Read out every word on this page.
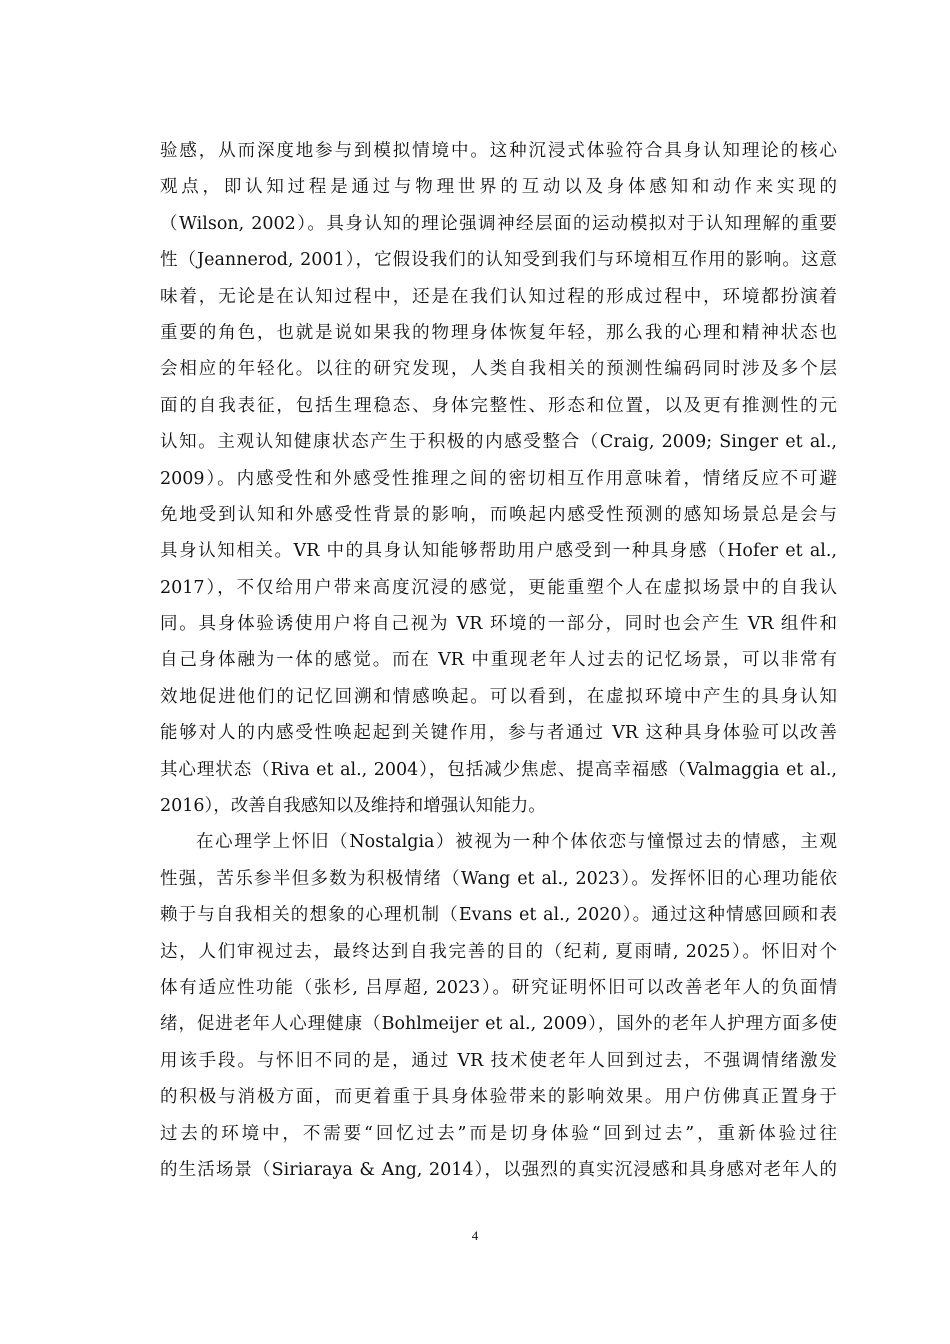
验感，从而深度地参与到模拟情境中。这种沉浸式体验符合具身认知理论的核心
观点，即认知过程是通过与物理世界的互动以及身体感知和动作来实现的
（Wilson, 2002）。具身认知的理论强调神经层面的运动模拟对于认知理解的重要
性（Jeannerod, 2001），它假设我们的认知受到我们与环境相互作用的影响。这意
味着，无论是在认知过程中，还是在我们认知过程的形成过程中，环境都扮演着
重要的角色，也就是说如果我的物理身体恢复年轻，那么我的心理和精神状态也
会相应的年轻化。以往的研究发现，人类自我相关的预测性编码同时涉及多个层
面的自我表征，包括生理稳态、身体完整性、形态和位置，以及更有推测性的元
认知。主观认知健康状态产生于积极的内感受整合（Craig, 2009; Singer et al.,
2009）。内感受性和外感受性推理之间的密切相互作用意味着，情绪反应不可避
免地受到认知和外感受性背景的影响，而唤起内感受性预测的感知场景总是会与
具身认知相关。VR 中的具身认知能够帮助用户感受到一种具身感（Hofer et al.,
2017），不仅给用户带来高度沉浸的感觉，更能重塑个人在虚拟场景中的自我认
同。具身体验诱使用户将自己视为 VR 环境的一部分，同时也会产生 VR 组件和
自己身体融为一体的感觉。而在 VR 中重现老年人过去的记忆场景，可以非常有
效地促进他们的记忆回溯和情感唤起。可以看到，在虚拟环境中产生的具身认知
能够对人的内感受性唤起起到关键作用，参与者通过 VR 这种具身体验可以改善
其心理状态（Riva et al., 2004），包括减少焦虑、提高幸福感（Valmaggia et al.,
2016），改善自我感知以及维持和增强认知能力。
在心理学上怀旧（Nostalgia）被视为一种个体依恋与憧憬过去的情感，主观
性强，苦乐参半但多数为积极情绪（Wang et al., 2023）。发挥怀旧的心理功能依
赖于与自我相关的想象的心理机制（Evans et al., 2020）。通过这种情感回顾和表
达，人们审视过去，最终达到自我完善的目的（纪莉, 夏雨晴, 2025）。怀旧对个
体有适应性功能（张杉, 吕厚超, 2023）。研究证明怀旧可以改善老年人的负面情
绪，促进老年人心理健康（Bohlmeijer et al., 2009），国外的老年人护理方面多使
用该手段。与怀旧不同的是，通过 VR 技术使老年人回到过去，不强调情绪激发
的积极与消极方面，而更着重于具身体验带来的影响效果。用户仿佛真正置身于
过去的环境中，不需要“回忆过去”而是切身体验“回到过去”，重新体验过往
的生活场景（Siriaraya & Ang, 2014），以强烈的真实沉浸感和具身感对老年人的
4
